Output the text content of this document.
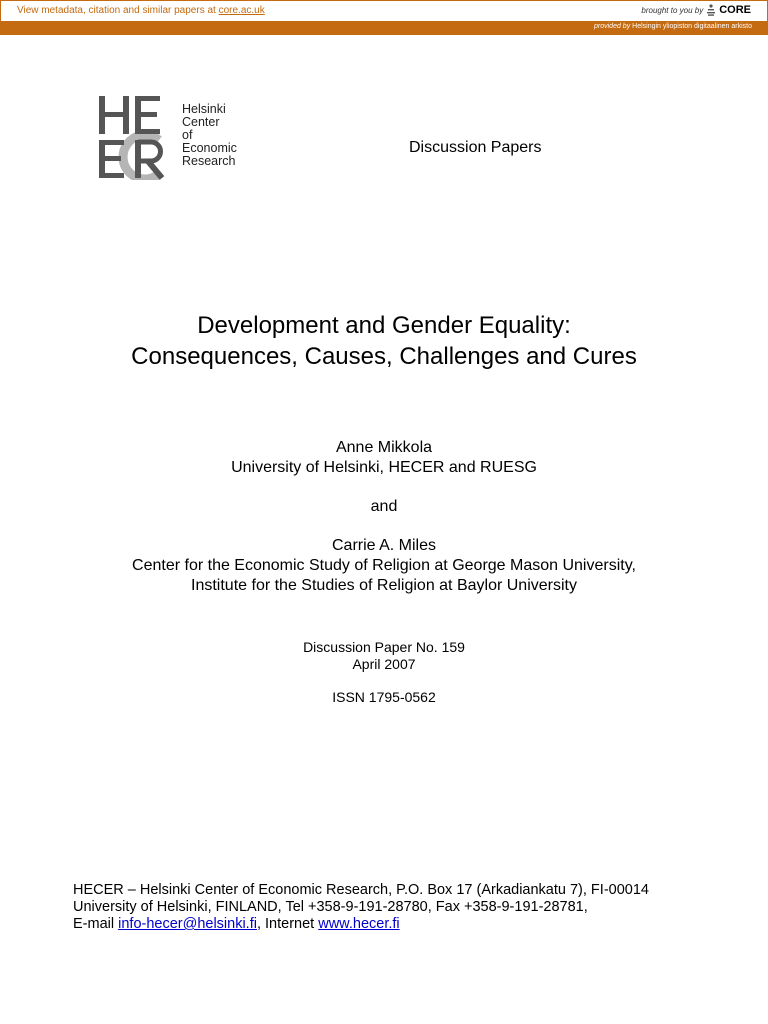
View metadata, citation and similar papers at core.ac.uk	brought to you by CORE
provided by Helsingin yliopiston digitaalinen arkisto
Helsinki
Center
of
Economic
Research
Discussion Papers
Development and Gender Equality:
Consequences, Causes, Challenges and Cures
Anne Mikkola
University of Helsinki, HECER and RUESG
and
Carrie A. Miles
Center for the Economic Study of Religion at George Mason University,
Institute for the Studies of Religion at Baylor University
Discussion Paper No. 159
April 2007
ISSN 1795-0562
HECER – Helsinki Center of Economic Research, P.O. Box 17 (Arkadiankatu 7), FI-00014
University of Helsinki, FINLAND, Tel +358-9-191-28780, Fax +358-9-191-28781,
E-mail info-hecer@helsinki.fi, Internet www.hecer.fi
